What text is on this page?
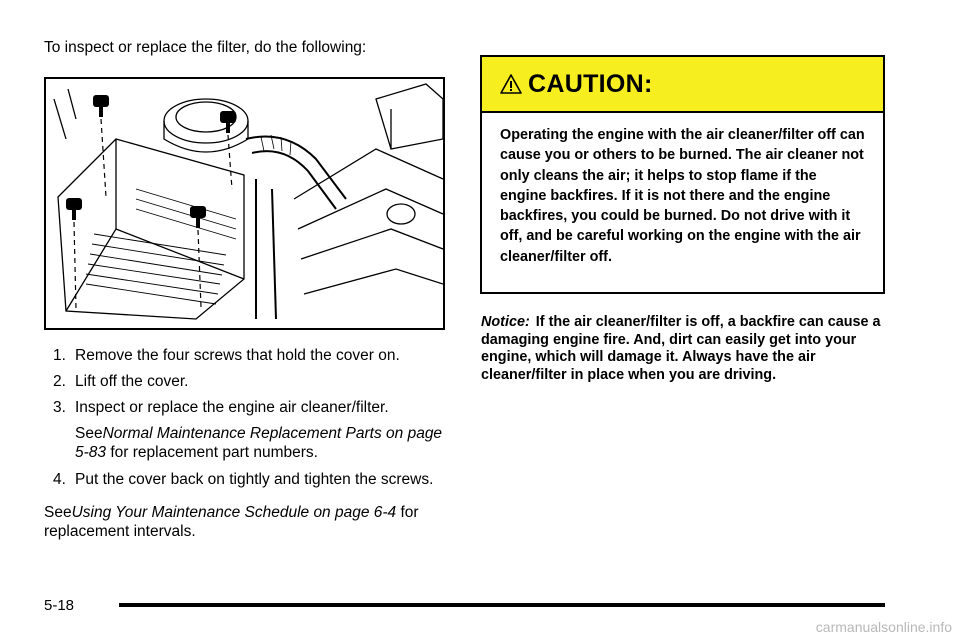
To inspect or replace the filter, do the following:

1. Remove the four screws that hold the cover on.
2. Lift off the cover.
3. Inspect or replace the engine air cleaner/filter.
SeeNormal Maintenance Replacement Parts on page 5-83 for replacement part numbers.
4. Put the cover back on tightly and tighten the screws.
SeeUsing Your Maintenance Schedule on page 6-4 for replacement intervals.
CAUTION:
Operating the engine with the air cleaner/filter off can cause you or others to be burned. The air cleaner not only cleans the air; it helps to stop flame if the engine backfires. If it is not there and the engine backfires, you could be burned. Do not drive with it off, and be careful working on the engine with the air cleaner/filter off.
Notice: If the air cleaner/filter is off, a backfire can cause a damaging engine fire. And, dirt can easily get into your engine, which will damage it. Always have the air cleaner/filter in place when you are driving.
5-18
carmanualsonline.info
